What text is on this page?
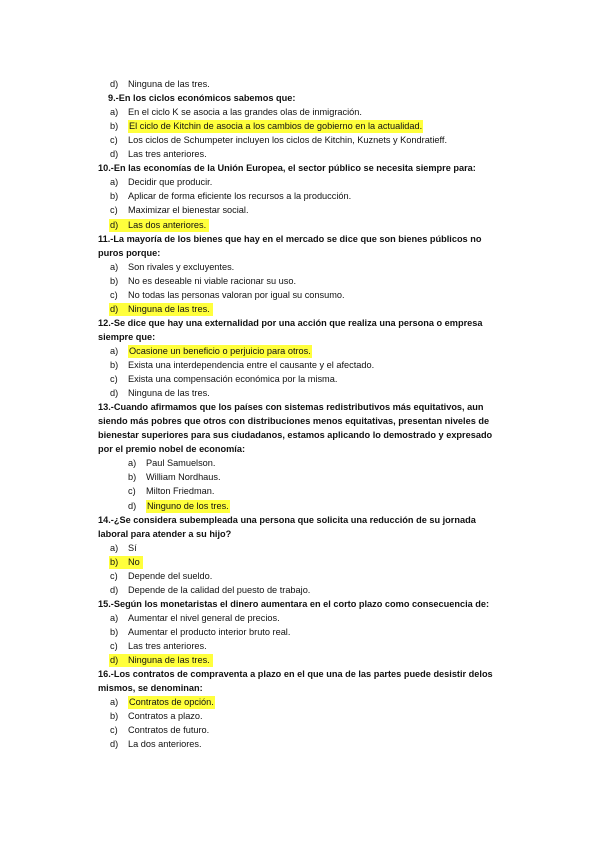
d) Ninguna de las tres.
9.-En los ciclos económicos sabemos que:
a) En el ciclo K se asocia a las grandes olas de inmigración.
b) El ciclo de Kitchin de asocia a los cambios de gobierno en la actualidad.
c) Los ciclos de Schumpeter incluyen los ciclos de Kitchin, Kuznets y Kondratieff.
d) Las tres anteriores.
10.-En las economías de la Unión Europea, el sector público se necesita siempre para:
a) Decidir que producir.
b) Aplicar de forma eficiente los recursos a la producción.
c) Maximizar el bienestar social.
d) Las dos anteriores.
11.-La mayoría de los bienes que hay en el mercado se dice que son bienes públicos no
puros porque:
a) Son rivales y excluyentes.
b) No es deseable ni viable racionar su uso.
c) No todas las personas valoran por igual su consumo.
d) Ninguna de las tres.
12.-Se dice que hay una externalidad por una acción que realiza una persona o empresa
siempre que:
a) Ocasione un beneficio o perjuicio para otros.
b) Exista una interdependencia entre el causante y el afectado.
c) Exista una compensación económica por la misma.
d) Ninguna de las tres.
13.-Cuando afirmamos que los países con sistemas redistributivos más equitativos, aun
siendo más pobres que otros con distribuciones menos equitativas, presentan niveles de
bienestar superiores para sus ciudadanos, estamos aplicando lo demostrado y expresado
por el premio nobel de economía:
a) Paul Samuelson.
b) William Nordhaus.
c) Milton Friedman.
d) Ninguno de los tres.
14.-¿Se considera subempleada una persona que solicita una reducción de su jornada
laboral para atender a su hijo?
a) Sí
b) No
c) Depende del sueldo.
d) Depende de la calidad del puesto de trabajo.
15.-Según los monetaristas el dinero aumentara en el corto plazo como consecuencia de:
a) Aumentar el nivel general de precios.
b) Aumentar el producto interior bruto real.
c) Las tres anteriores.
d) Ninguna de las tres.
16.-Los contratos de compraventa a plazo en el que una de las partes puede desistir delos
mismos, se denominan:
a) Contratos de opción.
b) Contratos a plazo.
c) Contratos de futuro.
d) La dos anteriores.
